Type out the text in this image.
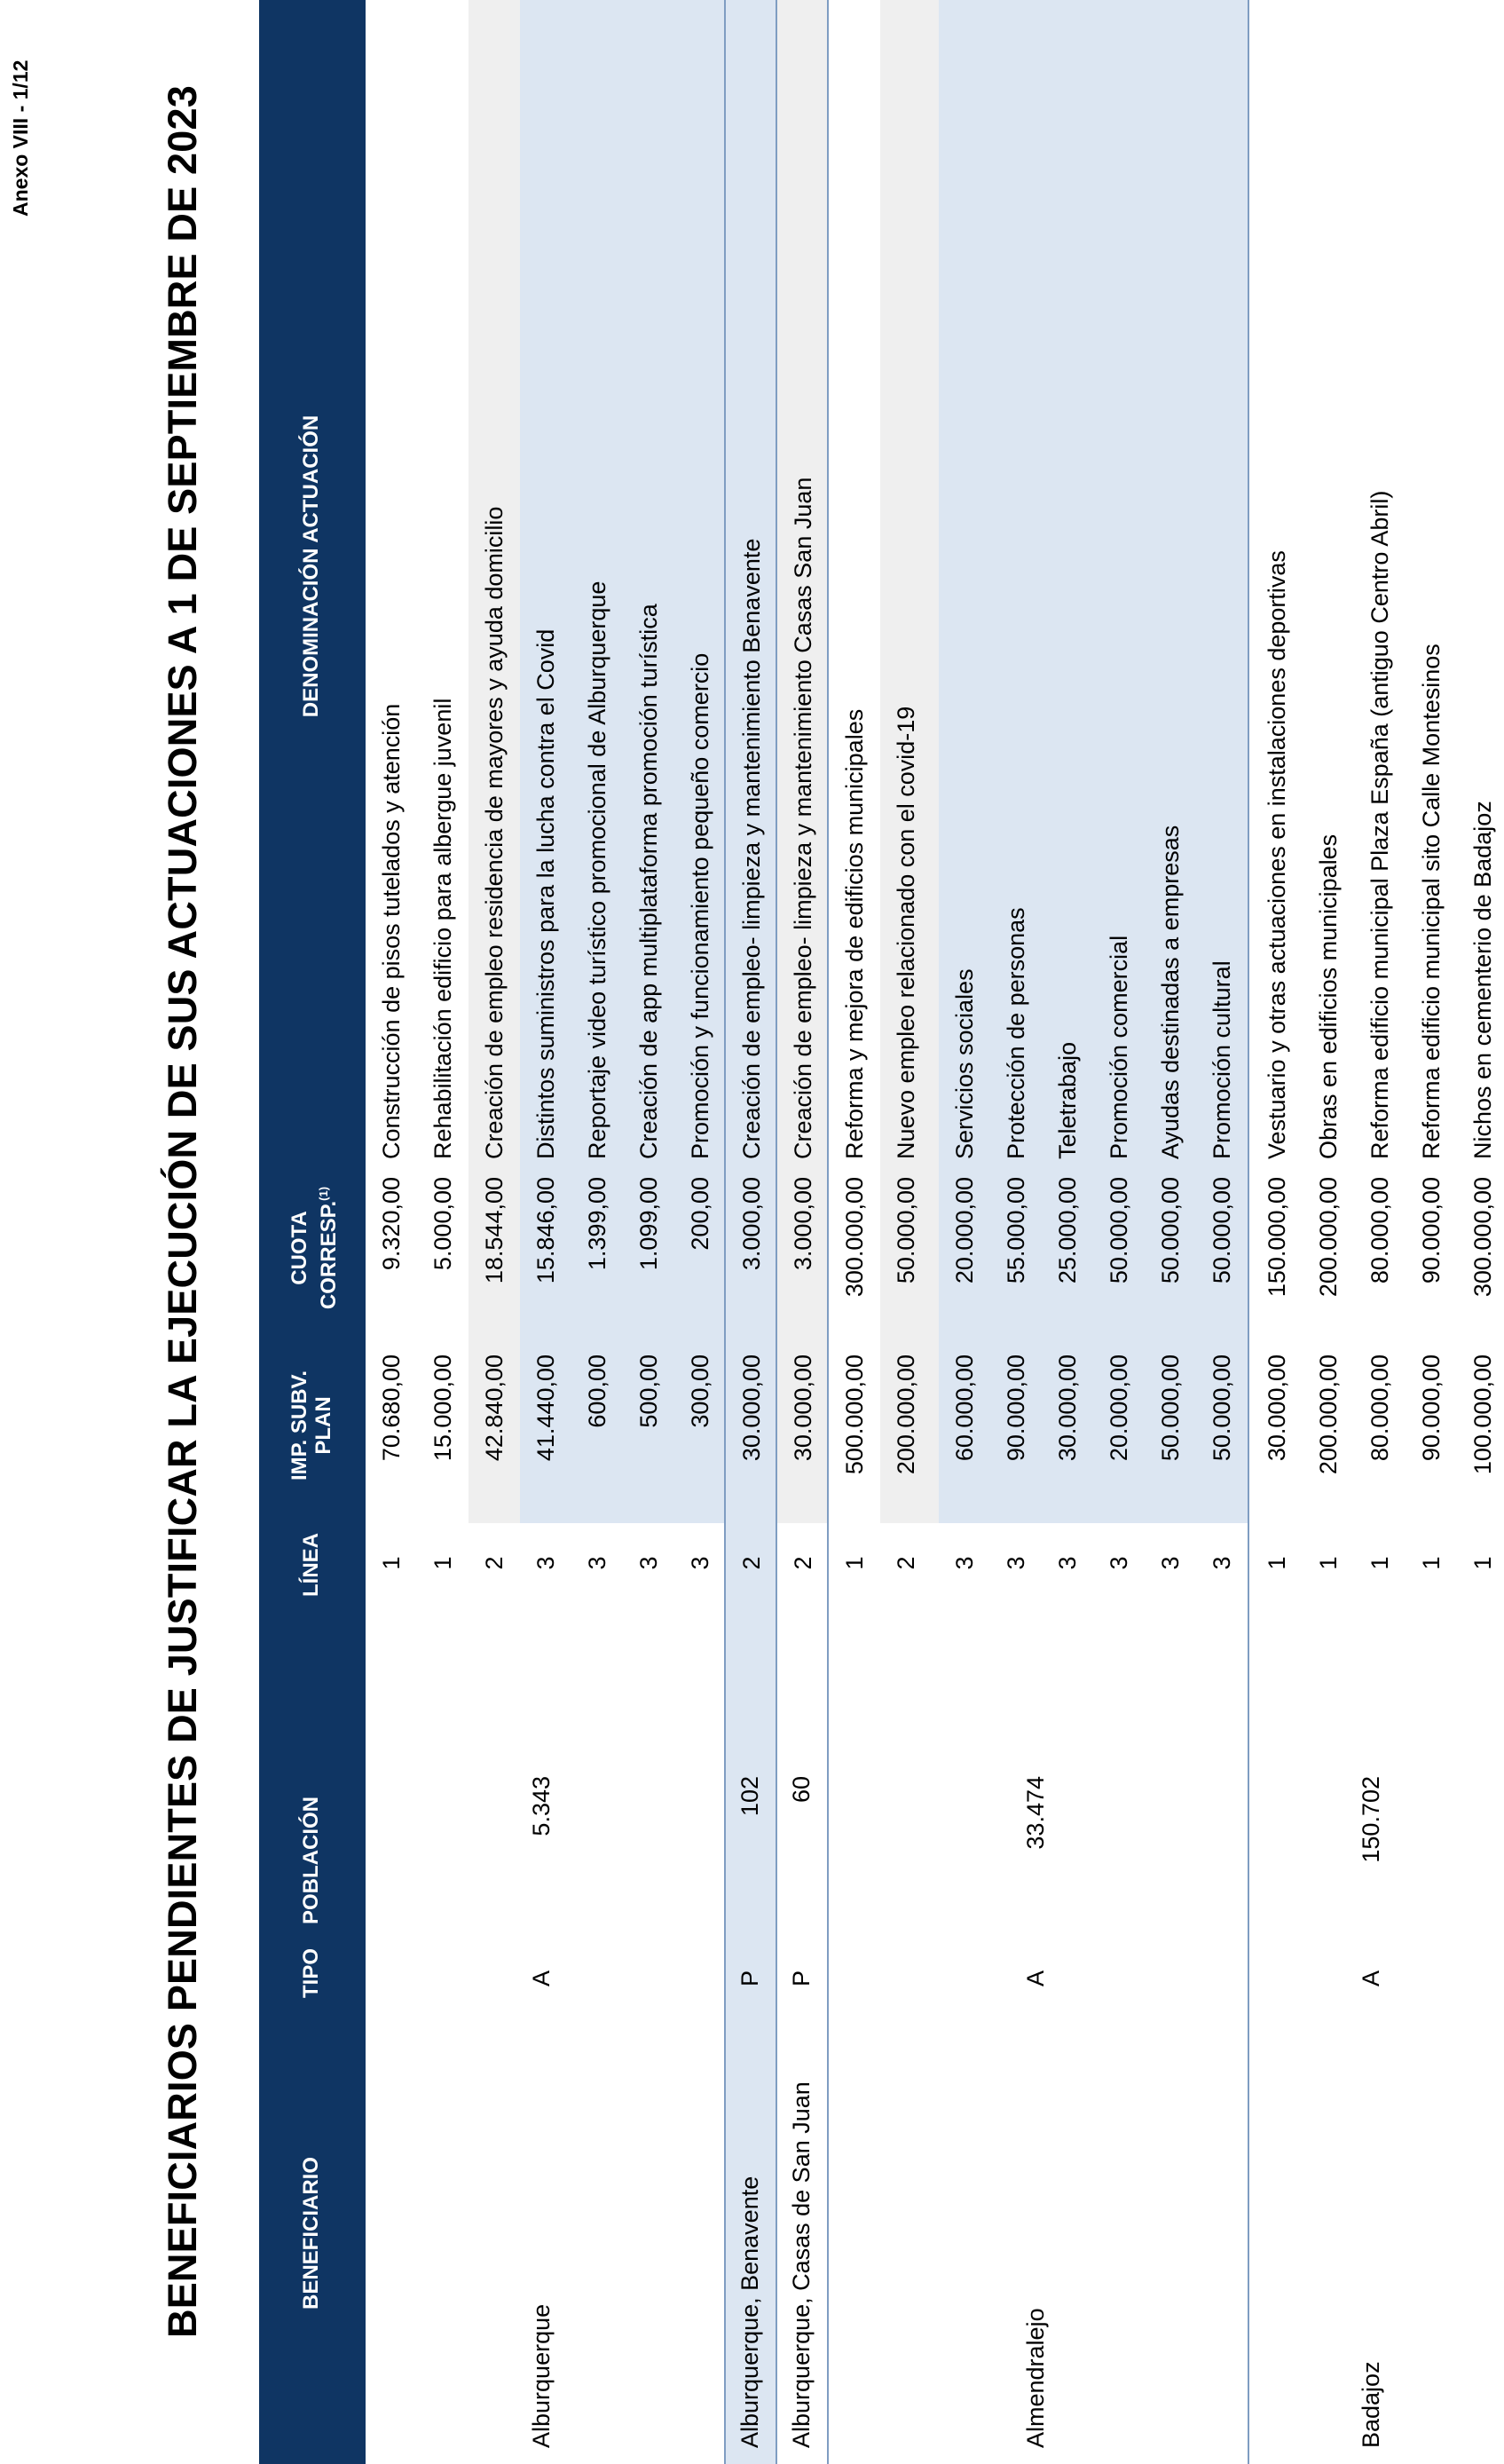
Anexo VIII - 1/12	BENEFICIARIOS PENDIENTES DE JUSTIFICAR LA EJECUCIÓN DE SUS ACTUACIONES A 1 DE SEPTIEMBRE DE 2023	BENEFICIARIO
TIPO
POBLACIÓN
LÍNEA
IMP. SUBV. PLAN
CUOTA CORRESP.$^{(1)}$
DENOMINACIÓN ACTUACIÓN
Alburquerque
A
5.343
Alburquerque, Benavente
P
102
Alburquerque, Casas de San Juan
P
60
Almendralejo
A
33.474
Badajoz
A
150.702
1
70.680,00
9.320,00
Construcción de pisos tutelados y atención
1
15.000,00
5.000,00
Rehabilitación edificio para albergue juvenil
2
42.840,00
18.544,00
Creación de empleo residencia de mayores y ayuda domicilio
3
41.440,00
15.846,00
Distintos suministros para la lucha contra el Covid
3
600,00
1.399,00
Reportaje video turístico promocional de Alburquerque
3
500,00
1.099,00
Creación de app multiplataforma promoción turística
3
300,00
200,00
Promoción y funcionamiento pequeño comercio
2
30.000,00
3.000,00
Creación de empleo- limpieza y mantenimiento Benavente
2
30.000,00
3.000,00
Creación de empleo- limpieza y mantenimiento Casas San Juan
1
500.000,00
300.000,00
Reforma y mejora de edificios municipales
2
200.000,00
50.000,00
Nuevo empleo relacionado con el covid-19
3
60.000,00
20.000,00
Servicios sociales
3
90.000,00
55.000,00
Protección de personas
3
30.000,00
25.000,00
Teletrabajo
3
20.000,00
50.000,00
Promoción comercial
3
50.000,00
50.000,00
Ayudas destinadas a empresas
3
50.000,00
50.000,00
Promoción cultural
1
30.000,00
150.000,00
Vestuario y otras actuaciones en instalaciones deportivas
1
200.000,00
200.000,00
Obras en edificios municipales
1
80.000,00
80.000,00
Reforma edificio municipal Plaza España (antiguo Centro Abril)
1
90.000,00
90.000,00
Reforma edificio municipal sito Calle Montesinos
1
100.000,00
300.000,00
Nichos en cementerio de Badajoz
